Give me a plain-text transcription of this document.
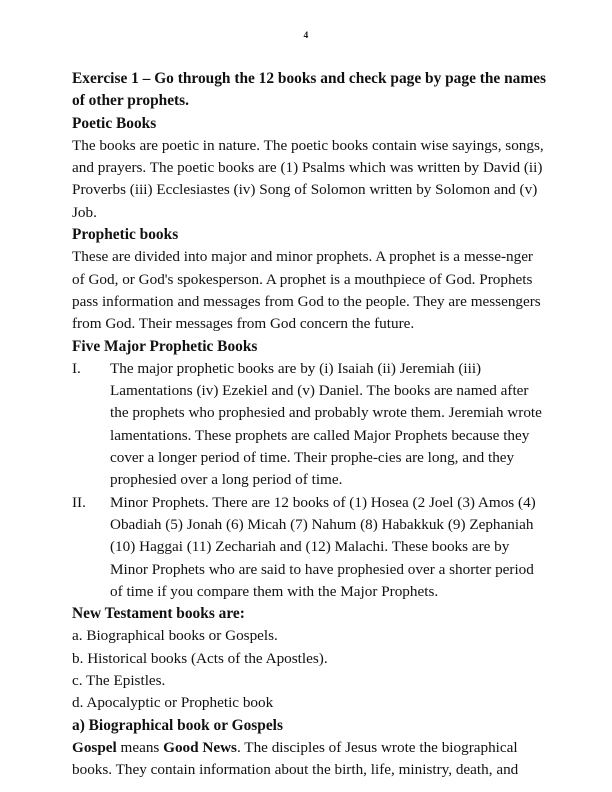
4

Exercise 1 – Go through the 12 books and check page by page the names of other prophets.

Poetic Books

The books are poetic in nature. The poetic books contain wise sayings, songs, and prayers. The poetic books are (1) Psalms which was written by David (ii) Proverbs (iii) Ecclesiastes (iv) Song of Solomon written by Solomon and (v) Job.

Prophetic books

These are divided into major and minor prophets. A prophet is a messe-nger of God, or God's spokesperson. A prophet is a mouthpiece of God. Prophets pass information and messages from God to the people. They are messengers from God. Their messages from God concern the future.

Five Major Prophetic Books

I.	The major prophetic books are by (i) Isaiah (ii) Jeremiah (iii) Lamentations (iv) Ezekiel and (v) Daniel. The books are named after the prophets who prophesied and probably wrote them. Jeremiah wrote lamentations. These prophets are called Major Prophets because they cover a longer period of time. Their prophe-cies are long, and they prophesied over a long period of time.
II.	Minor Prophets. There are 12 books of (1) Hosea (2 Joel (3) Amos (4) Obadiah (5) Jonah (6) Micah (7) Nahum (8) Habakkuk (9) Zephaniah (10) Haggai (11) Zechariah and (12) Malachi. These books are by Minor Prophets who are said to have prophesied over a shorter period of time if you compare them with the Major Prophets.

New Testament books are:

a. Biographical books or Gospels.
b. Historical books (Acts of the Apostles).
c. The Epistles.
d. Apocalyptic or Prophetic book

a) Biographical book or Gospels

Gospel means Good News. The disciples of Jesus wrote the biographical books. They contain information about the birth, life, ministry, death, and
